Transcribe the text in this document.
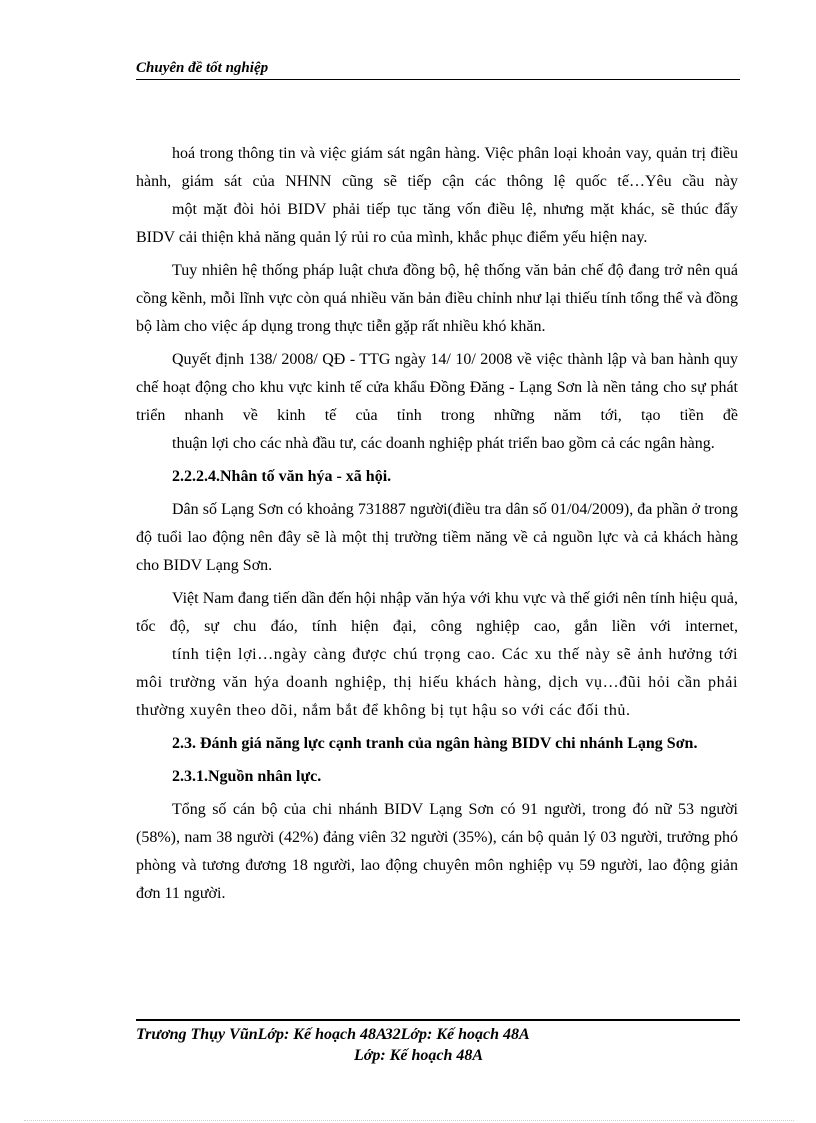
Chuyên đề tốt nghiệp

hoá trong thông tin và việc giám sát ngân hàng. Việc phân loại khoản vay, quản trị điều hành, giám sát của NHNN cũng sẽ tiếp cận các thông lệ quốc tế…Yêu cầu này

một mặt đòi hỏi BIDV phải tiếp tục tăng vốn điều lệ, nhưng mặt khác, sẽ thúc đẩy BIDV cải thiện khả năng quản lý rủi ro của mình, khắc phục điểm yếu hiện nay.

Tuy nhiên hệ thống pháp luật chưa đồng bộ, hệ thống văn bản chế độ đang trở nên quá cồng kềnh, mỗi lĩnh vực còn quá nhiều văn bản điều chỉnh như lại thiếu tính tổng thể và đồng bộ làm cho việc áp dụng trong thực tiễn gặp rất nhiều khó khăn.

Quyết định 138/ 2008/ QĐ - TTG ngày 14/ 10/ 2008 về việc thành lập và ban hành quy chế hoạt động cho khu vực kinh tế cửa khẩu Đồng Đăng - Lạng Sơn là nền tảng cho sự phát triển nhanh về kinh tế của tỉnh trong những năm tới, tạo tiền đề

thuận lợi cho các nhà đầu tư, các doanh nghiệp phát triển bao gồm cả các ngân hàng.

2.2.2.4.Nhân tố văn hýa - xã hội.

Dân số Lạng Sơn có khoảng 731887 người(điều tra dân số 01/04/2009), đa phần ở trong độ tuổi lao động nên đây sẽ là một thị trường tiềm năng về cả nguồn lực và cả khách hàng cho BIDV Lạng Sơn.

Việt Nam đang tiến dần đến hội nhập văn hýa với khu vực và thế giới nên tính hiệu quả, tốc độ, sự chu đáo, tính hiện đại, công nghiệp cao, gắn liền với internet,

tính tiện lợi…ngày càng được chú trọng cao. Các xu thế này sẽ ảnh hưởng tới môi trường văn hýa doanh nghiệp, thị hiếu khách hàng, dịch vụ…đũi hỏi cần phải thường xuyên theo dõi, nắm bắt để không bị tụt hậu so với các đối thủ.

2.3. Đánh giá năng lực cạnh tranh của ngân hàng BIDV chi nhánh Lạng Sơn.

2.3.1.Nguồn nhân lực.

Tổng số cán bộ của chi nhánh BIDV Lạng Sơn có 91 người, trong đó nữ 53 người (58%), nam 38 người (42%) đảng viên 32 người (35%), cán bộ quản lý 03 người, trưởng phó phòng và tương đương 18 người, lao động chuyên môn nghiệp vụ 59 người, lao động giản đơn 11 người.

Trương Thụy VũnLớp: Kế hoạch 48A32Lớp: Kế hoạch 48A
Lớp: Kế hoạch 48A
